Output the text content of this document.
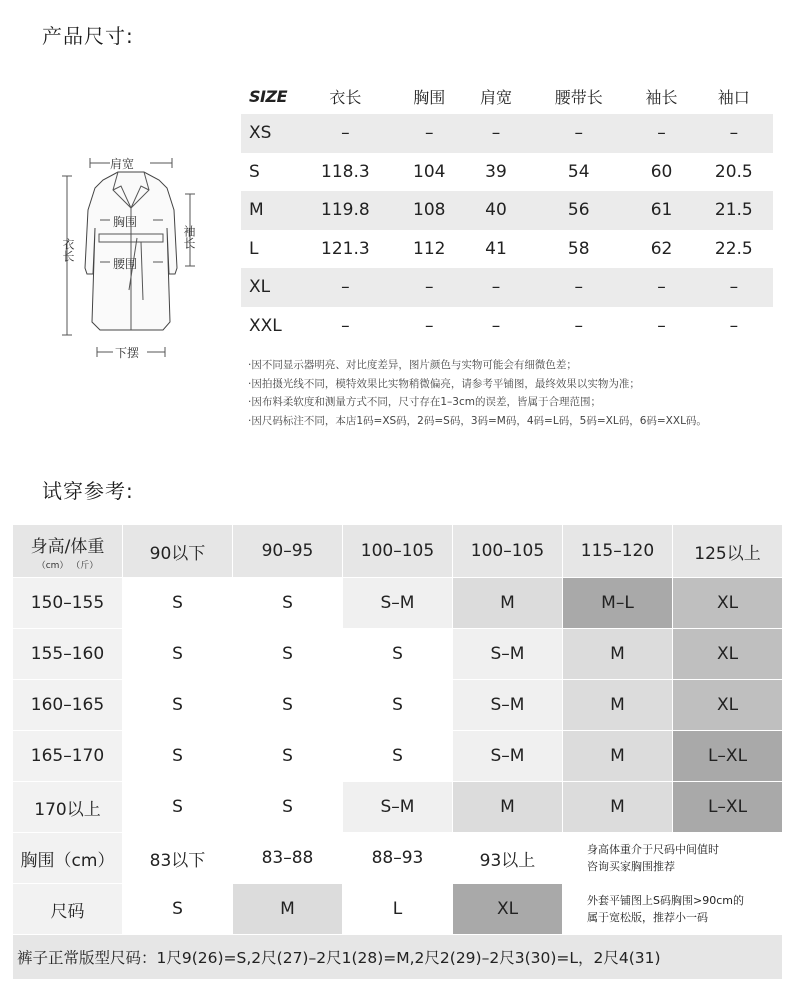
产品尺寸:
肩宽
胸围
腰围
衣长
袖长
下摆
SIZE	衣长	胸围	肩宽	腰带长	袖长	袖口
XS	–	–	–	–	–	–
S	118.3	104	39	54	60	20.5
M	119.8	108	40	56	61	21.5
L	121.3	112	41	58	62	22.5
XL	–	–	–	–	–	–
XXL	–	–	–	–	–	–
·因不同显示器明亮、对比度差异，图片颜色与实物可能会有细微色差；
·因拍摄光线不同，模特效果比实物稍微偏亮，请参考平铺图，最终效果以实物为准；
·因布料柔软度和测量方式不同，尺寸存在1–3cm的误差，皆属于合理范围；
·因尺码标注不同，本店1码=XS码，2码=S码，3码=M码，4码=L码，5码=XL码，6码=XXL码。
试穿参考:
身高/体重
（cm） （斤）	90以下	90–95	100–105	100–105	115–120	125以上
150–155	S	S	S–M	M	M–L	XL
155–160	S	S	S	S–M	M	XL
160–165	S	S	S	S–M	M	XL
165–170	S	S	S	S–M	M	L–XL
170以上	S	S	S–M	M	M	L–XL
胸围（cm）	83以下	83–88	88–93	93以上	身高体重介于尺码中间值时
咨询买家胸围推荐	

尺码	S	M	L	XL	外套平铺图上S码胸围>90cm的
属于宽松版，推荐小一码	

裤子正常版型尺码：1尺9(26)=S,2尺(27)–2尺1(28)=M,2尺2(29)–2尺3(30)=L，2尺4(31)						
